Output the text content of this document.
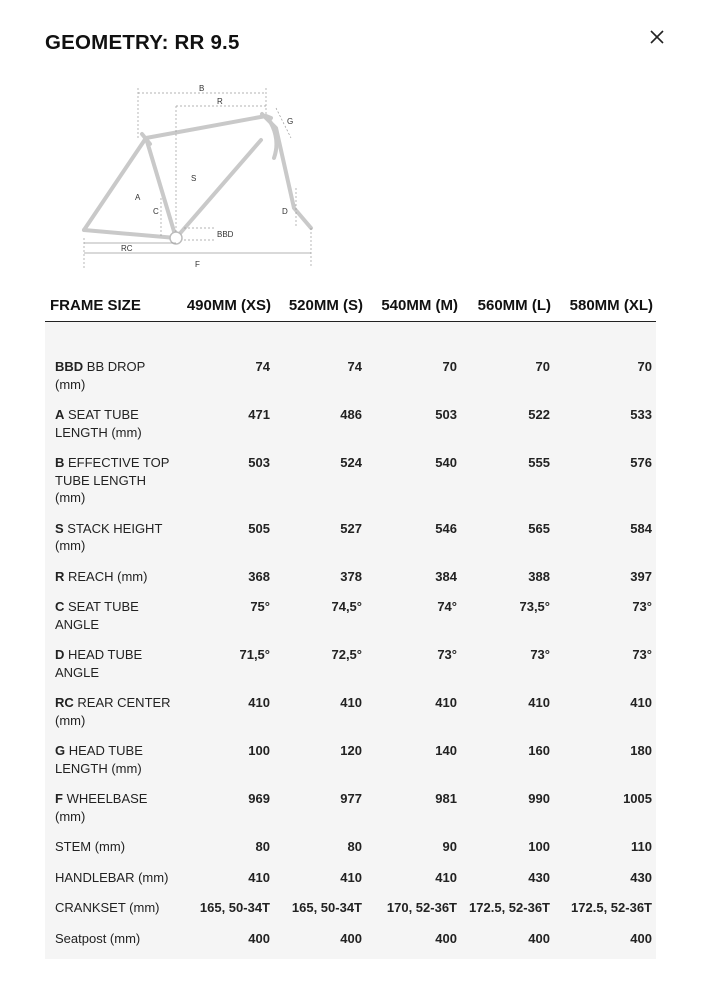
GEOMETRY: RR 9.5
B
R
G
S
A
C	D
BBD
RC
F
FRAME SIZE	490MM (XS)	520MM (S)	540MM (M)	560MM (L)	580MM (XL)

BBD BB DROP (mm)	74	74	70	70	70
A SEAT TUBE LENGTH (mm)	471	486	503	522	533
B EFFECTIVE TOP TUBE LENGTH (mm)	503	524	540	555	576
S STACK HEIGHT (mm)	505	527	546	565	584
R REACH (mm)	368	378	384	388	397
C SEAT TUBE ANGLE	75°	74,5°	74°	73,5°	73°
D HEAD TUBE ANGLE	71,5°	72,5°	73°	73°	73°
RC REAR CENTER (mm)	410	410	410	410	410
G HEAD TUBE LENGTH (mm)	100	120	140	160	180
F WHEELBASE (mm)	969	977	981	990	1005
STEM (mm)	80	80	90	100	110
HANDLEBAR (mm)	410	410	410	430	430
CRANKSET (mm)	165, 50-34T	165, 50-34T	170, 52-36T	172.5, 52-36T	172.5, 52-36T
Seatpost (mm)	400	400	400	400	400
